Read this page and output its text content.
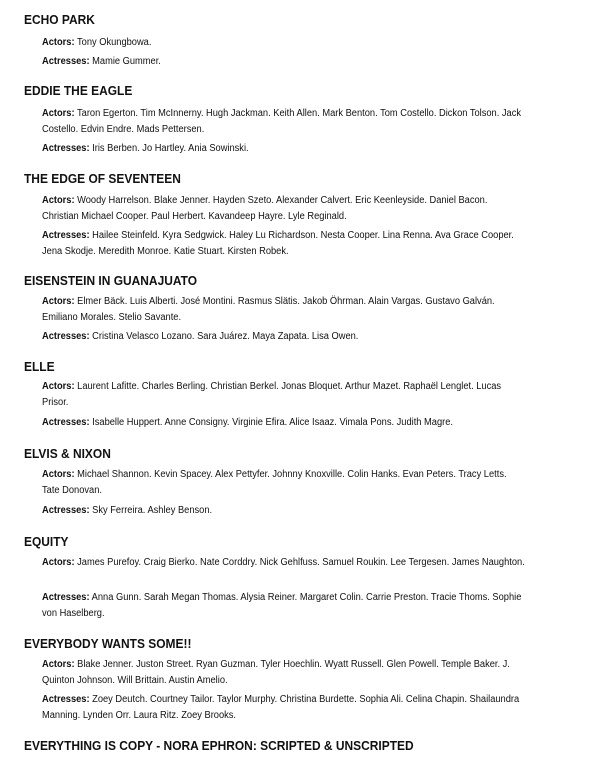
ECHO PARK

Actors: Tony Okungbowa.

Actresses: Mamie Gummer.

EDDIE THE EAGLE

Actors: Taron Egerton. Tim McInnerny. Hugh Jackman. Keith Allen. Mark Benton. Tom Costello. Dickon Tolson. Jack Costello. Edvin Endre. Mads Pettersen.

Actresses: Iris Berben. Jo Hartley. Ania Sowinski.

THE EDGE OF SEVENTEEN

Actors: Woody Harrelson. Blake Jenner. Hayden Szeto. Alexander Calvert. Eric Keenleyside. Daniel Bacon. Christian Michael Cooper. Paul Herbert. Kavandeep Hayre. Lyle Reginald.

Actresses: Hailee Steinfeld. Kyra Sedgwick. Haley Lu Richardson. Nesta Cooper. Lina Renna. Ava Grace Cooper. Jena Skodje. Meredith Monroe. Katie Stuart. Kirsten Robek.

EISENSTEIN IN GUANAJUATO

Actors: Elmer Bäck. Luis Alberti. José Montini. Rasmus Slätis. Jakob Öhrman. Alain Vargas. Gustavo Galván. Emiliano Morales. Stelio Savante.

Actresses: Cristina Velasco Lozano. Sara Juárez. Maya Zapata. Lisa Owen.

ELLE

Actors: Laurent Lafitte. Charles Berling. Christian Berkel. Jonas Bloquet. Arthur Mazet. Raphaël Lenglet. Lucas Prisor.

Actresses: Isabelle Huppert. Anne Consigny. Virginie Efira. Alice Isaaz. Vimala Pons. Judith Magre.

ELVIS & NIXON

Actors: Michael Shannon. Kevin Spacey. Alex Pettyfer. Johnny Knoxville. Colin Hanks. Evan Peters. Tracy Letts. Tate Donovan.

Actresses: Sky Ferreira. Ashley Benson.

EQUITY

Actors: James Purefoy. Craig Bierko. Nate Corddry. Nick Gehlfuss. Samuel Roukin. Lee Tergesen. James Naughton.

Actresses: Anna Gunn. Sarah Megan Thomas. Alysia Reiner. Margaret Colin. Carrie Preston. Tracie Thoms. Sophie von Haselberg.

EVERYBODY WANTS SOME!!

Actors: Blake Jenner. Juston Street. Ryan Guzman. Tyler Hoechlin. Wyatt Russell. Glen Powell. Temple Baker. J. Quinton Johnson. Will Brittain. Austin Amelio.

Actresses: Zoey Deutch. Courtney Tailor. Taylor Murphy. Christina Burdette. Sophia Ali. Celina Chapin. Shailaundra Manning. Lynden Orr. Laura Ritz. Zoey Brooks.

EVERYTHING IS COPY - NORA EPHRON: SCRIPTED & UNSCRIPTED
